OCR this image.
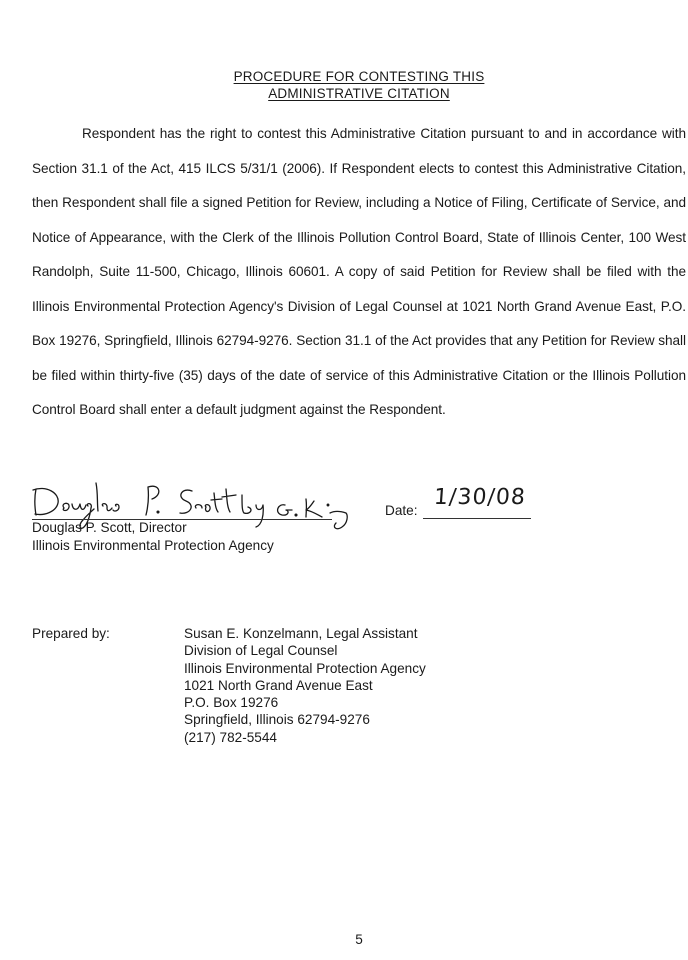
PROCEDURE FOR CONTESTING THIS
ADMINISTRATIVE CITATION
Respondent has the right to contest this Administrative Citation pursuant to and in accordance with Section 31.1 of the Act, 415 ILCS 5/31/1 (2006). If Respondent elects to contest this Administrative Citation, then Respondent shall file a signed Petition for Review, including a Notice of Filing, Certificate of Service, and Notice of Appearance, with the Clerk of the Illinois Pollution Control Board, State of Illinois Center, 100 West Randolph, Suite 11-500, Chicago, Illinois 60601. A copy of said Petition for Review shall be filed with the Illinois Environmental Protection Agency's Division of Legal Counsel at 1021 North Grand Avenue East, P.O. Box 19276, Springfield, Illinois 62794-9276. Section 31.1 of the Act provides that any Petition for Review shall be filed within thirty-five (35) days of the date of service of this Administrative Citation or the Illinois Pollution Control Board shall enter a default judgment against the Respondent.
Douglas P. Scott, Director
Illinois Environmental Protection Agency
Date:
1/30/08
Prepared by:	Susan E. Konzelmann, Legal Assistant
Division of Legal Counsel
Illinois Environmental Protection Agency
1021 North Grand Avenue East
P.O. Box 19276
Springfield, Illinois 62794-9276
(217) 782-5544
5
